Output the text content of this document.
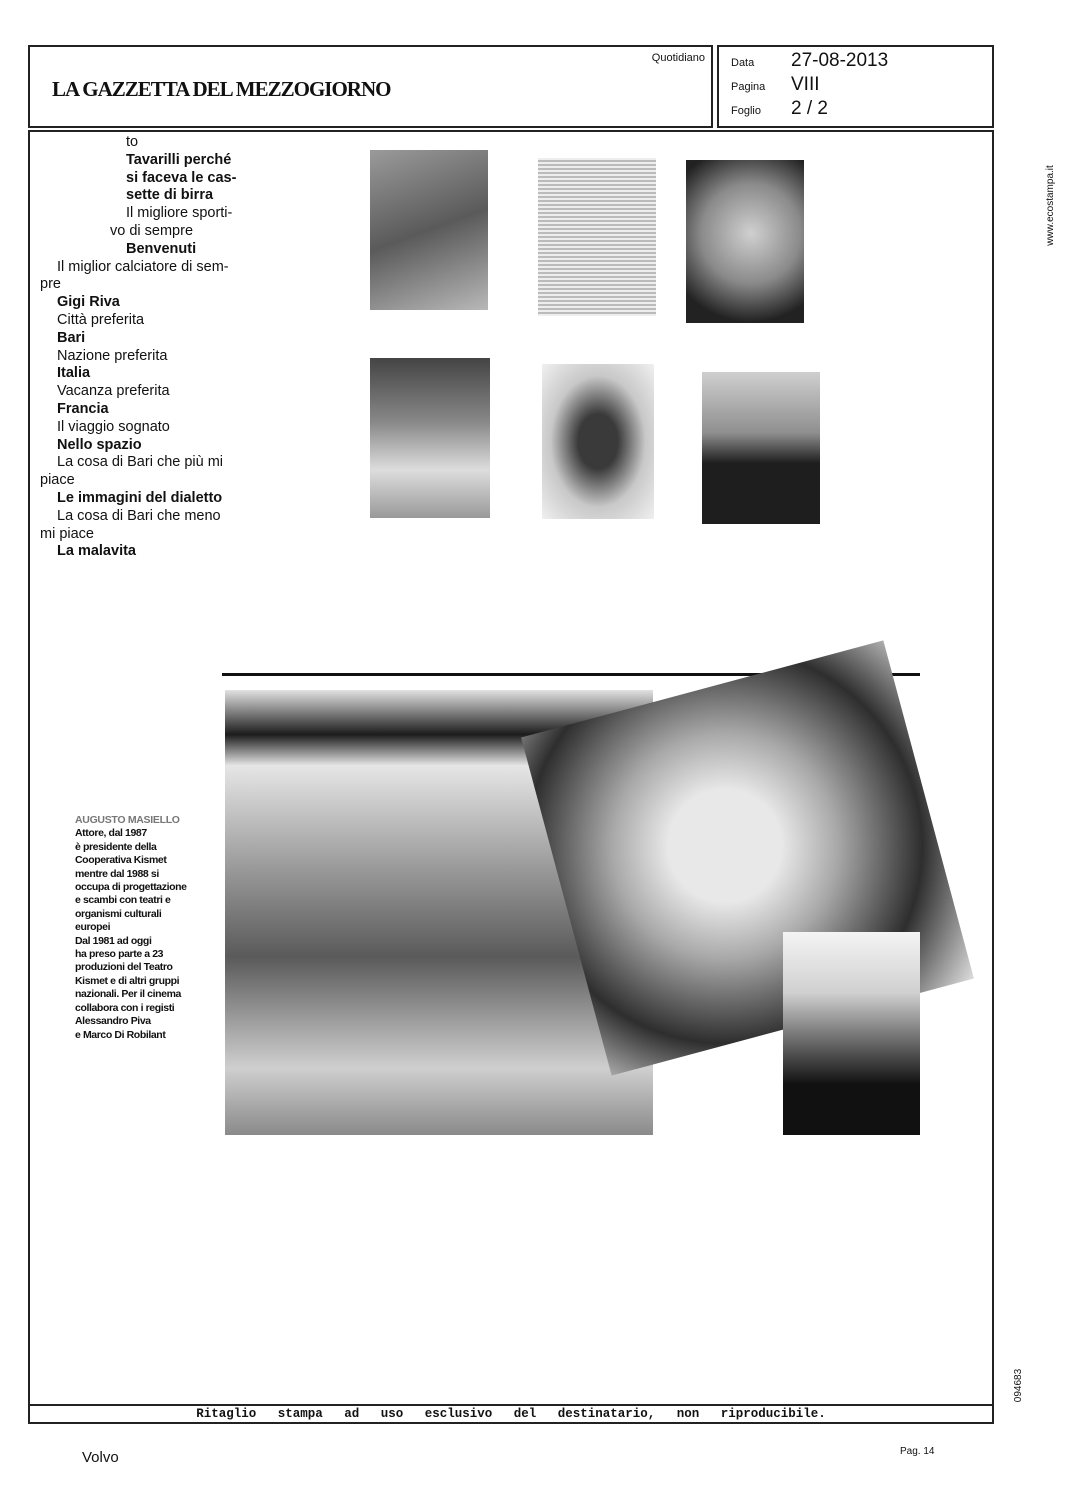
LA GAZZETTA DEL MEZZOGIORNO
Quotidiano Data	27-08-2013
Pagina	VIII
Foglio	2 / 2
Ritaglio stampa ad uso esclusivo del destinatario, non riproducibile.
www.ecostampa.it
094683
to
Tavarilli perché
si faceva le cas-
sette di birra
Il migliore sporti-
vo di sempre
Benvenuti
Il miglior calciatore di sem-
pre
Gigi Riva
Città preferita
Bari
Nazione preferita
Italia
Vacanza preferita
Francia
Il viaggio sognato
Nello spazio
La cosa di Bari che più mi
piace
Le immagini del dialetto
La cosa di Bari che meno
mi piace
La malavita
AUGUSTO MASIELLO
Attore, dal 1987
è presidente della
Cooperativa Kismet
mentre dal 1988 si
occupa di progettazione
e scambi con teatri e
organismi culturali
europei
Dal 1981 ad oggi
ha preso parte a 23
produzioni del Teatro
Kismet e di altri gruppi
nazionali. Per il cinema
collabora con i registi
Alessandro Piva
e Marco Di Robilant
Volvo	Pag. 14
